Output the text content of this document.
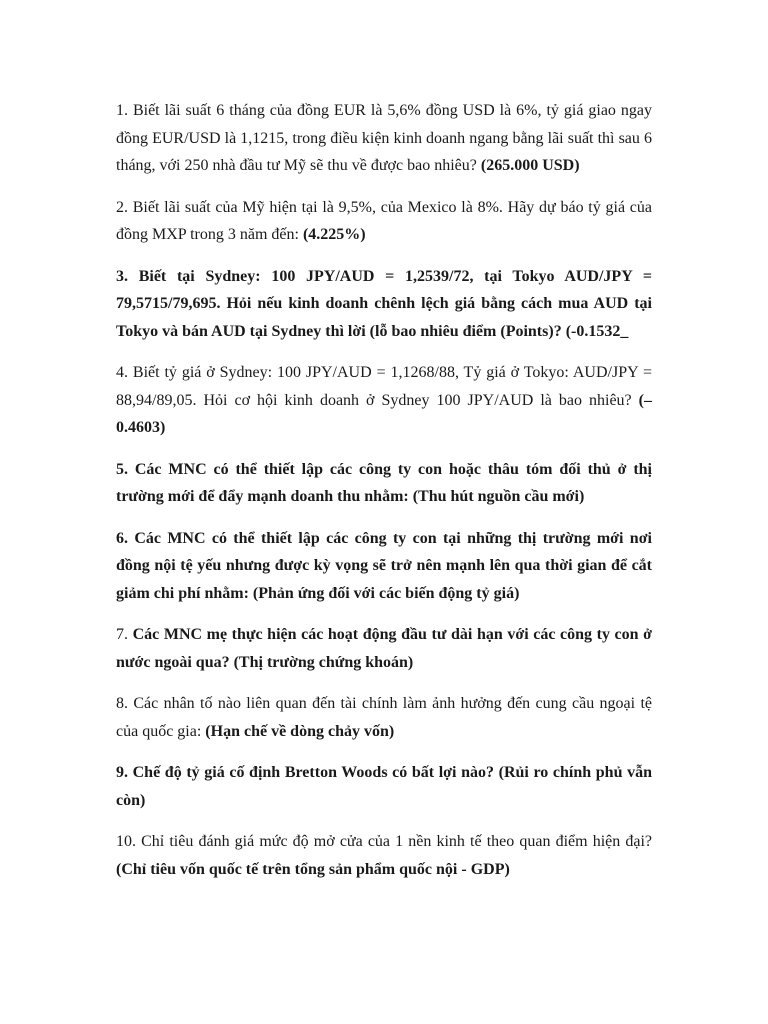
1. Biết lãi suất 6 tháng của đồng EUR là 5,6% đồng USD là 6%, tỷ giá giao ngay đồng EUR/USD là 1,1215, trong điều kiện kinh doanh ngang bằng lãi suất thì sau 6 tháng, với 250 nhà đầu tư Mỹ sẽ thu về được bao nhiêu? (265.000 USD)

2. Biết lãi suất của Mỹ hiện tại là 9,5%, của Mexico là 8%. Hãy dự báo tỷ giá của đồng MXP trong 3 năm đến: (4.225%)

3. Biết tại Sydney: 100 JPY/AUD = 1,2539/72, tại Tokyo AUD/JPY = 79,5715/79,695. Hỏi nếu kinh doanh chênh lệch giá bằng cách mua AUD tại Tokyo và bán AUD tại Sydney thì lời (lỗ bao nhiêu điểm (Points)? (-0.1532_

4. Biết tỷ giá ở Sydney: 100 JPY/AUD = 1,1268/88, Tỷ giá ở Tokyo: AUD/JPY = 88,94/89,05. Hỏi cơ hội kinh doanh ở Sydney 100 JPY/AUD là bao nhiêu? (–0.4603)

5. Các MNC có thể thiết lập các công ty con hoặc thâu tóm đối thủ ở thị trường mới để đẩy mạnh doanh thu nhằm: (Thu hút nguồn cầu mới)

6. Các MNC có thể thiết lập các công ty con tại những thị trường mới nơi đồng nội tệ yếu nhưng được kỳ vọng sẽ trở nên mạnh lên qua thời gian để cắt giảm chi phí nhằm: (Phản ứng đối với các biến động tỷ giá)

7. Các MNC mẹ thực hiện các hoạt động đầu tư dài hạn với các công ty con ở nước ngoài qua? (Thị trường chứng khoán)

8. Các nhân tố nào liên quan đến tài chính làm ảnh hưởng đến cung cầu ngoại tệ của quốc gia: (Hạn chế về dòng chảy vốn)

9. Chế độ tỷ giá cố định Bretton Woods có bất lợi nào? (Rủi ro chính phủ vẫn còn)

10. Chỉ tiêu đánh giá mức độ mở cửa của 1 nền kinh tế theo quan điểm hiện đại? (Chỉ tiêu vốn quốc tế trên tổng sản phẩm quốc nội - GDP)
